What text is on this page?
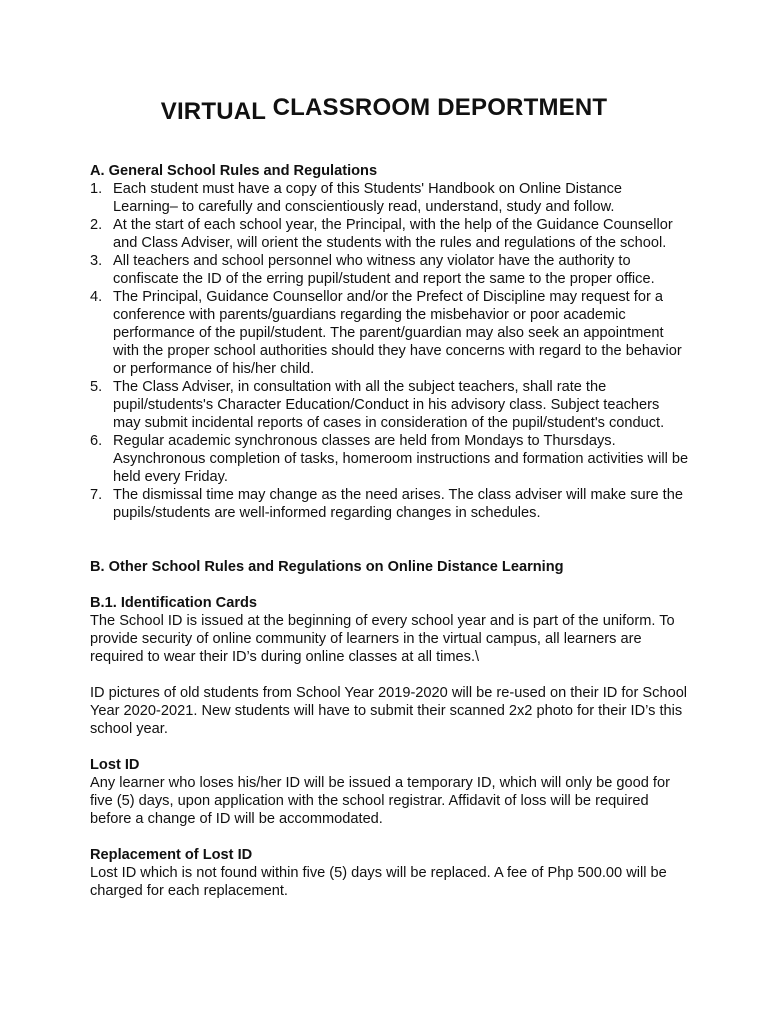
VIRTUAL CLASSROOM DEPORTMENT

A. General School Rules and Regulations

1. Each student must have a copy of this Students' Handbook on Online Distance Learning– to carefully and conscientiously read, understand, study and follow.
2. At the start of each school year, the Principal, with the help of the Guidance Counsellor and Class Adviser, will orient the students with the rules and regulations of the school.
3. All teachers and school personnel who witness any violator have the authority to confiscate the ID of the erring pupil/student and report the same to the proper office.
4. The Principal, Guidance Counsellor and/or the Prefect of Discipline may request for a conference with parents/guardians regarding the misbehavior or poor academic performance of the pupil/student. The parent/guardian may also seek an appointment with the proper school authorities should they have concerns with regard to the behavior or performance of his/her child.
5. The Class Adviser, in consultation with all the subject teachers, shall rate the pupil/students's Character Education/Conduct in his advisory class. Subject teachers may submit incidental reports of cases in consideration of the pupil/student's conduct.
6. Regular academic synchronous classes are held from Mondays to Thursdays. Asynchronous completion of tasks, homeroom instructions and formation activities will be held every Friday.
7. The dismissal time may change as the need arises. The class adviser will make sure the pupils/students are well-informed regarding changes in schedules.

B. Other School Rules and Regulations on Online Distance Learning

B.1. Identification Cards

The School ID is issued at the beginning of every school year and is part of the uniform. To provide security of online community of learners in the virtual campus, all learners are required to wear their ID’s during online classes at all times.\

ID pictures of old students from School Year 2019-2020 will be re-used on their ID for School Year 2020-2021. New students will have to submit their scanned 2x2 photo for their ID’s this school year.

Lost ID

Any learner who loses his/her ID will be issued a temporary ID, which will only be good for five (5) days, upon application with the school registrar. Affidavit of loss will be required before a change of ID will be accommodated.

Replacement of Lost ID

Lost ID which is not found within five (5) days will be replaced. A fee of Php 500.00 will be charged for each replacement.
